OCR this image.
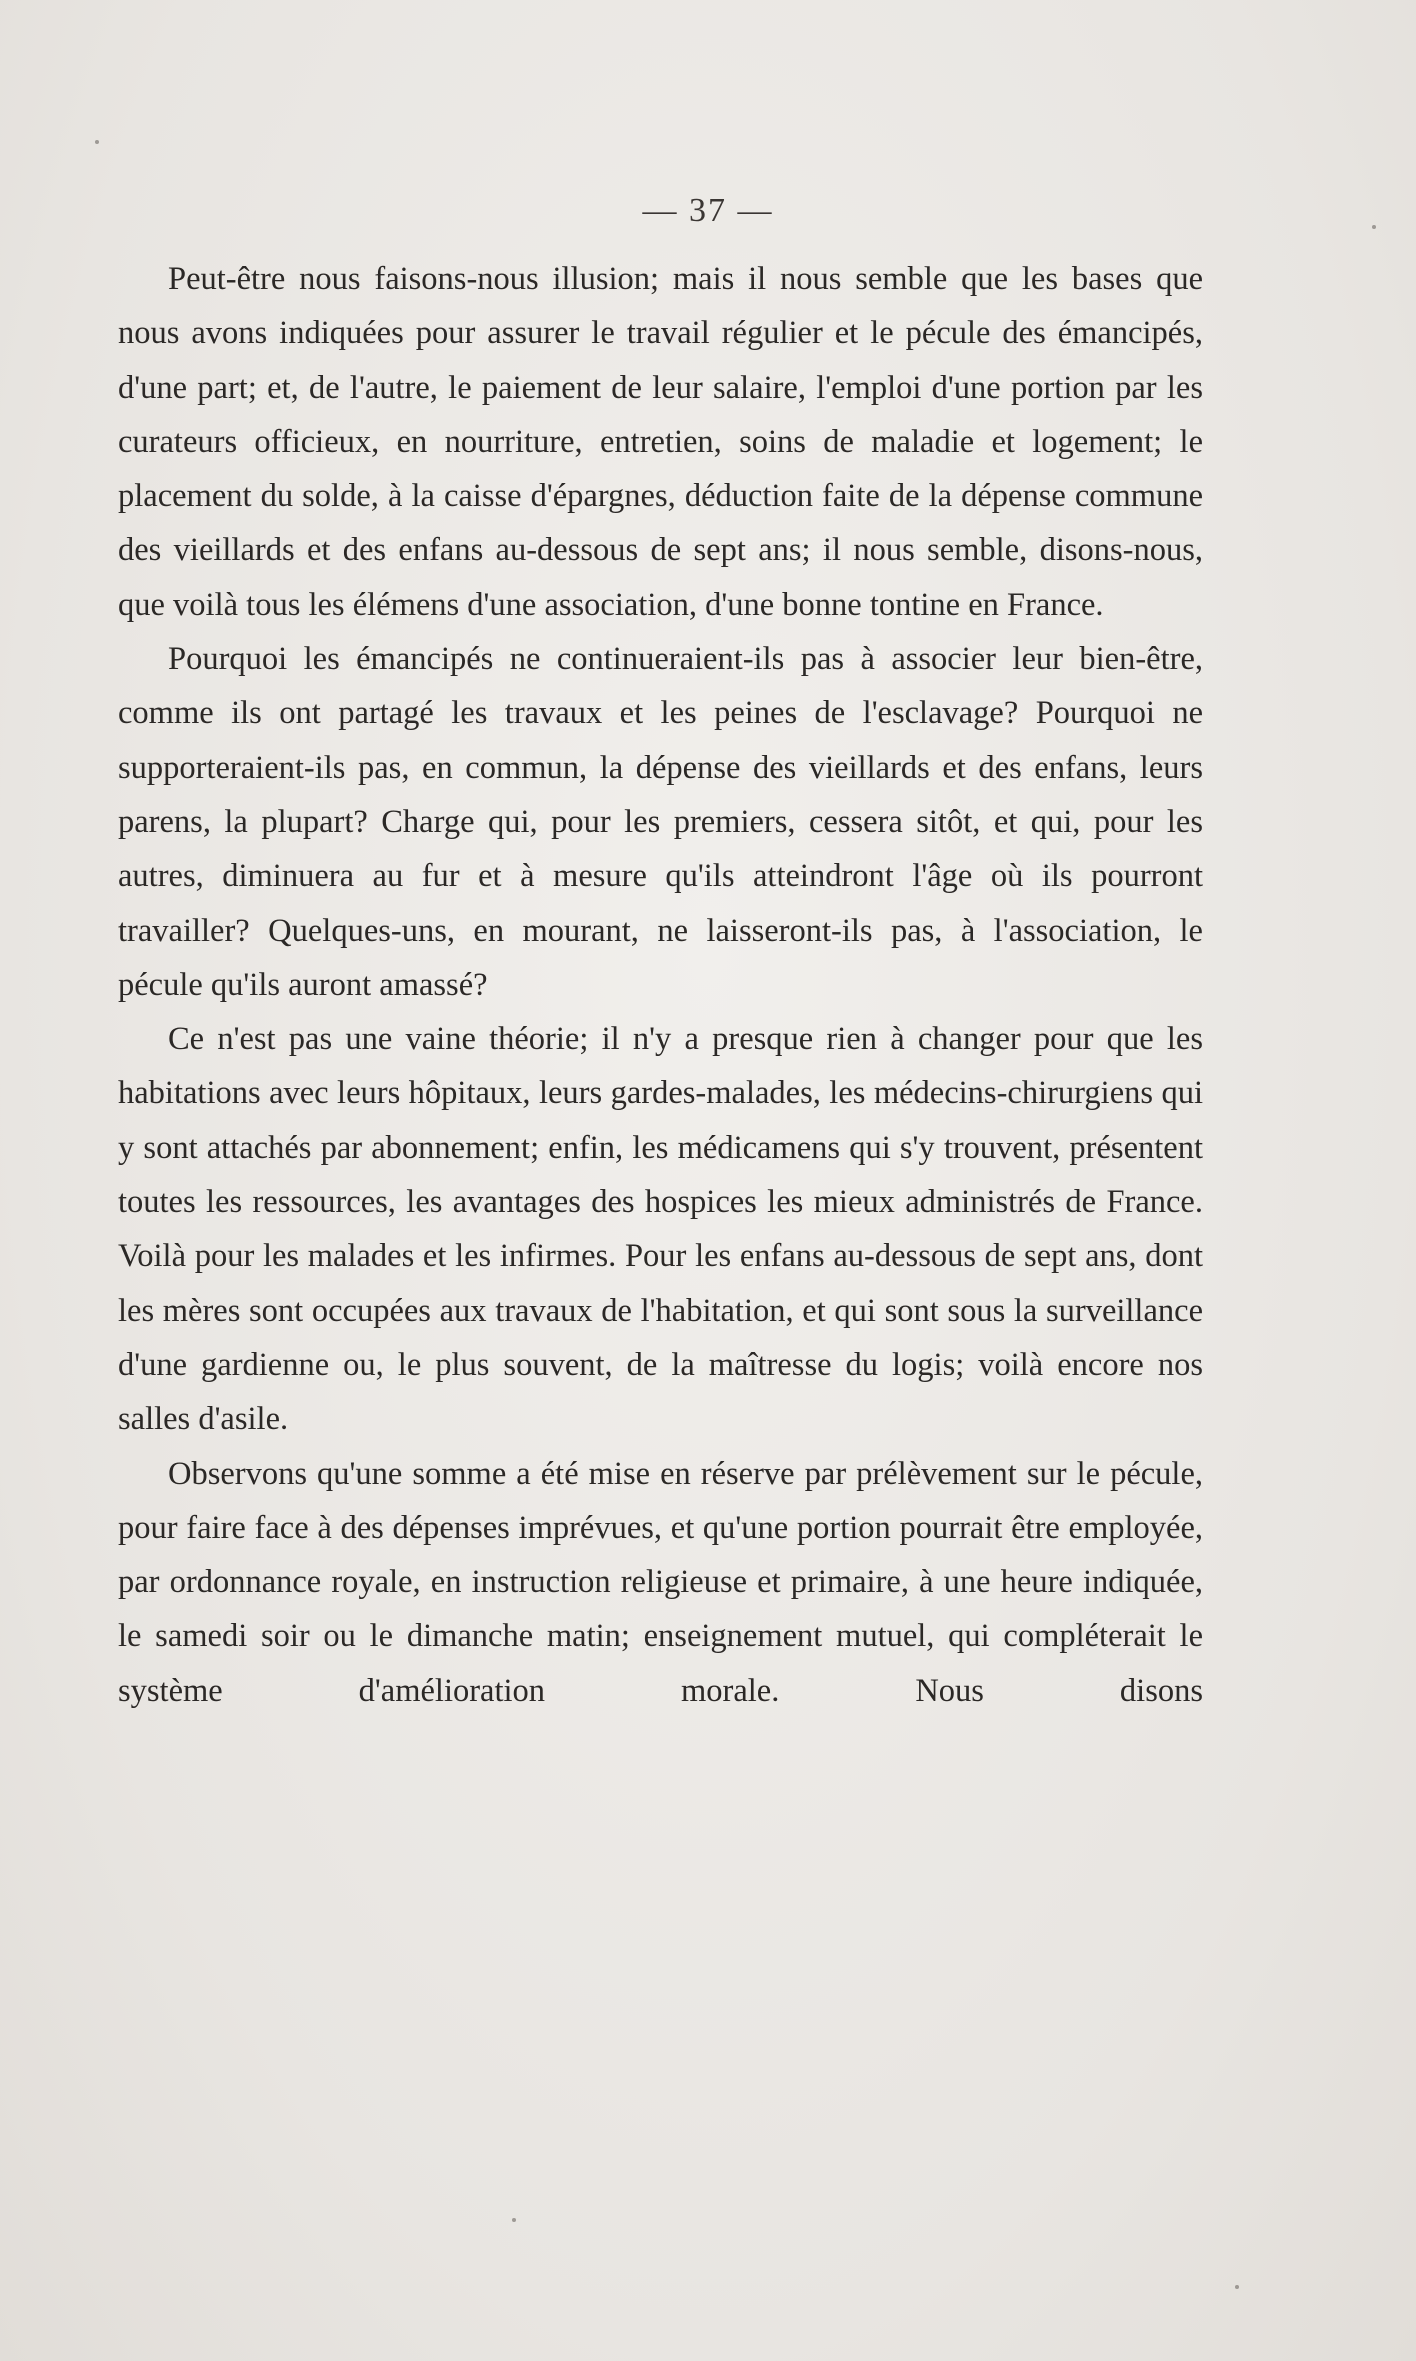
— 37 —

Peut-être nous faisons-nous illusion; mais il nous semble que les bases que nous avons indiquées pour assurer le travail régulier et le pécule des émancipés, d'une part; et, de l'autre, le paiement de leur salaire, l'emploi d'une portion par les curateurs officieux, en nourriture, entretien, soins de maladie et logement; le placement du solde, à la caisse d'épargnes, déduction faite de la dépense commune des vieillards et des enfans au-dessous de sept ans; il nous semble, disons-nous, que voilà tous les élémens d'une association, d'une bonne tontine en France.

Pourquoi les émancipés ne continueraient-ils pas à associer leur bien-être, comme ils ont partagé les travaux et les peines de l'esclavage? Pourquoi ne supporteraient-ils pas, en commun, la dépense des vieillards et des enfans, leurs parens, la plupart? Charge qui, pour les premiers, cessera sitôt, et qui, pour les autres, diminuera au fur et à mesure qu'ils atteindront l'âge où ils pourront travailler? Quelques-uns, en mourant, ne laisseront-ils pas, à l'association, le pécule qu'ils auront amassé?

Ce n'est pas une vaine théorie; il n'y a presque rien à changer pour que les habitations avec leurs hôpitaux, leurs gardes-malades, les médecins-chirurgiens qui y sont attachés par abonnement; enfin, les médicamens qui s'y trouvent, présentent toutes les ressources, les avantages des hospices les mieux administrés de France. Voilà pour les malades et les infirmes. Pour les enfans au-dessous de sept ans, dont les mères sont occupées aux travaux de l'habitation, et qui sont sous la surveillance d'une gardienne ou, le plus souvent, de la maîtresse du logis; voilà encore nos salles d'asile.

Observons qu'une somme a été mise en réserve par prélèvement sur le pécule, pour faire face à des dépenses imprévues, et qu'une portion pourrait être employée, par ordonnance royale, en instruction religieuse et primaire, à une heure indiquée, le samedi soir ou le dimanche matin; enseignement mutuel, qui compléterait le système d'amélioration morale. Nous disons
